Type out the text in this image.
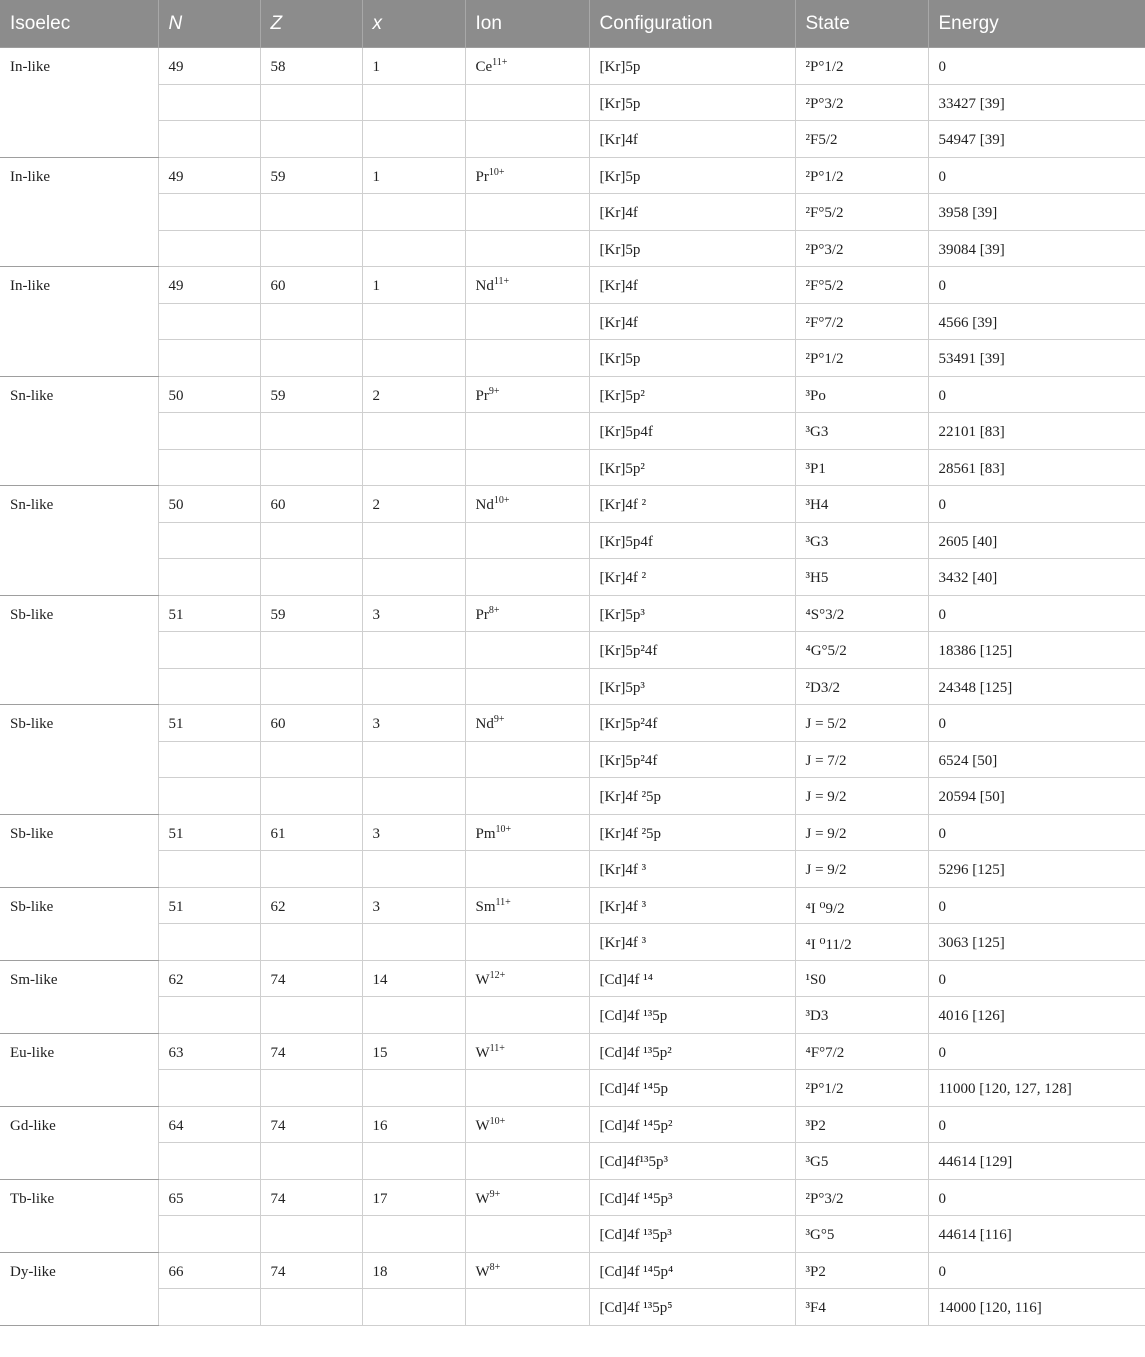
Isoelec	N	Z	x	Ion	Configuration	State	Energy
In-like	49	58	1	$Ce^{11+}$	[Kr]5p	²P°1/2	0
					[Kr]5p	²P°3/2	33427 [39]
					[Kr]4f	²F5/2	54947 [39]
In-like	49	59	1	$Pr^{10+}$	[Kr]5p	²P°1/2	0
					[Kr]4f	²F°5/2	3958 [39]
					[Kr]5p	²P°3/2	39084 [39]
In-like	49	60	1	$Nd^{11+}$	[Kr]4f	²F°5/2	0
					[Kr]4f	²F°7/2	4566 [39]
					[Kr]5p	²P°1/2	53491 [39]
Sn-like	50	59	2	$Pr^{9+}$	[Kr]5p²	³Po	0
					[Kr]5p4f	³G3	22101 [83]
					[Kr]5p²	³P1	28561 [83]
Sn-like	50	60	2	$Nd^{10+}$	[Kr]4f ²	³H4	0
					[Kr]5p4f	³G3	2605 [40]
					[Kr]4f ²	³H5	3432 [40]
Sb-like	51	59	3	$Pr^{8+}$	[Kr]5p³	⁴S°3/2	0
					[Kr]5p²4f	⁴G°5/2	18386 [125]
					[Kr]5p³	²D3/2	24348 [125]
Sb-like	51	60	3	$Nd^{9+}$	[Kr]5p²4f	J = 5/2	0
					[Kr]5p²4f	J = 7/2	6524 [50]
					[Kr]4f ²5p	J = 9/2	20594 [50]
Sb-like	51	61	3	$Pm^{10+}$	[Kr]4f ²5p	J = 9/2	0
					[Kr]4f ³	J = 9/2	5296 [125]
Sb-like	51	62	3	$Sm^{11+}$	[Kr]4f ³	⁴I ⁰9/2	0
					[Kr]4f ³	⁴I ⁰11/2	3063 [125]
Sm-like	62	74	14	$W^{12+}$	[Cd]4f ¹⁴	¹S0	0
					[Cd]4f ¹³5p	³D3	4016 [126]
Eu-like	63	74	15	$W^{11+}$	[Cd]4f ¹³5p²	⁴F°7/2	0
					[Cd]4f ¹⁴5p	²P°1/2	11000 [120, 127, 128]
Gd-like	64	74	16	$W^{10+}$	[Cd]4f ¹⁴5p²	³P2	0
					[Cd]4f¹³5p³	³G5	44614 [129]
Tb-like	65	74	17	$W^{9+}$	[Cd]4f ¹⁴5p³	²P°3/2	0
					[Cd]4f ¹³5p³	³G°5	44614 [116]
Dy-like	66	74	18	$W^{8+}$	[Cd]4f ¹⁴5p⁴	³P2	0
					[Cd]4f ¹³5p⁵	³F4	14000 [120, 116]
